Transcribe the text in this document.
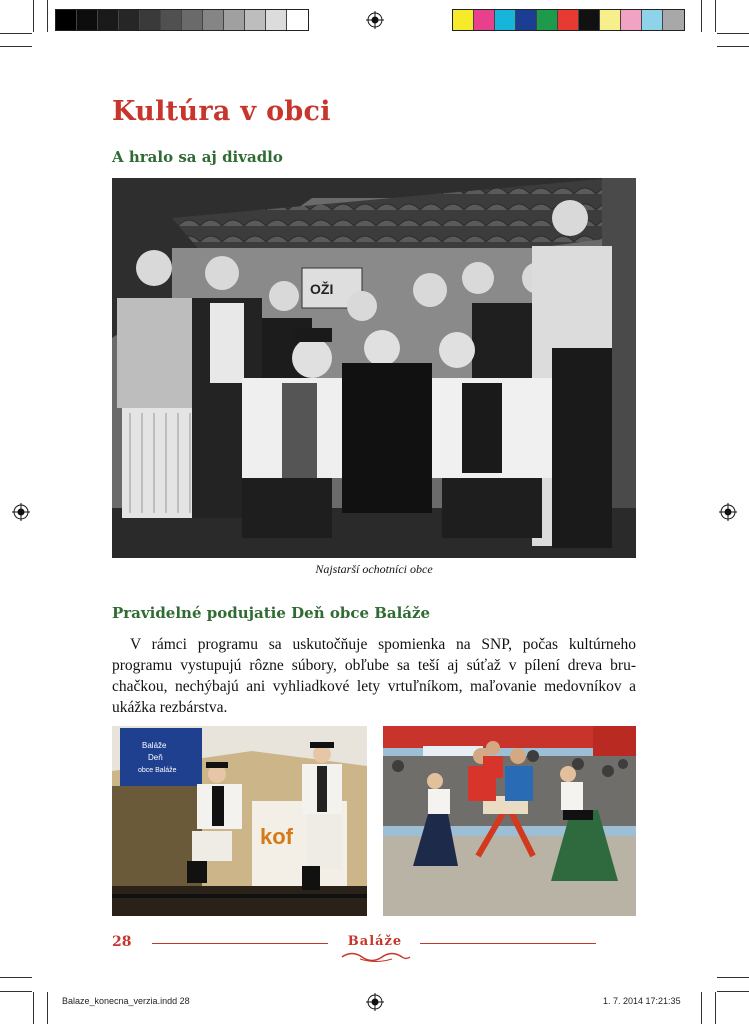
Kultúra v obci
A hralo sa aj divadlo
OŽI
Najstarší ochotníci obce
Pravidelné podujatie Deň obce Baláže

V rámci programu sa uskutočňuje spomienka na SNP, počas kultúrneho programu vystupujú rôzne súbory, obľube sa teší aj súťaž v pílení dreva bruchačkou, nechýbajú ani vyhliadkové lety vrtuľníkom, maľovanie medovníkov a ukážka rezbárstva.

Baláže
Deň
obce Baláže
kof
28	Baláže
Balaze_konecna_verzia.indd 28	1. 7. 2014 17:21:35
